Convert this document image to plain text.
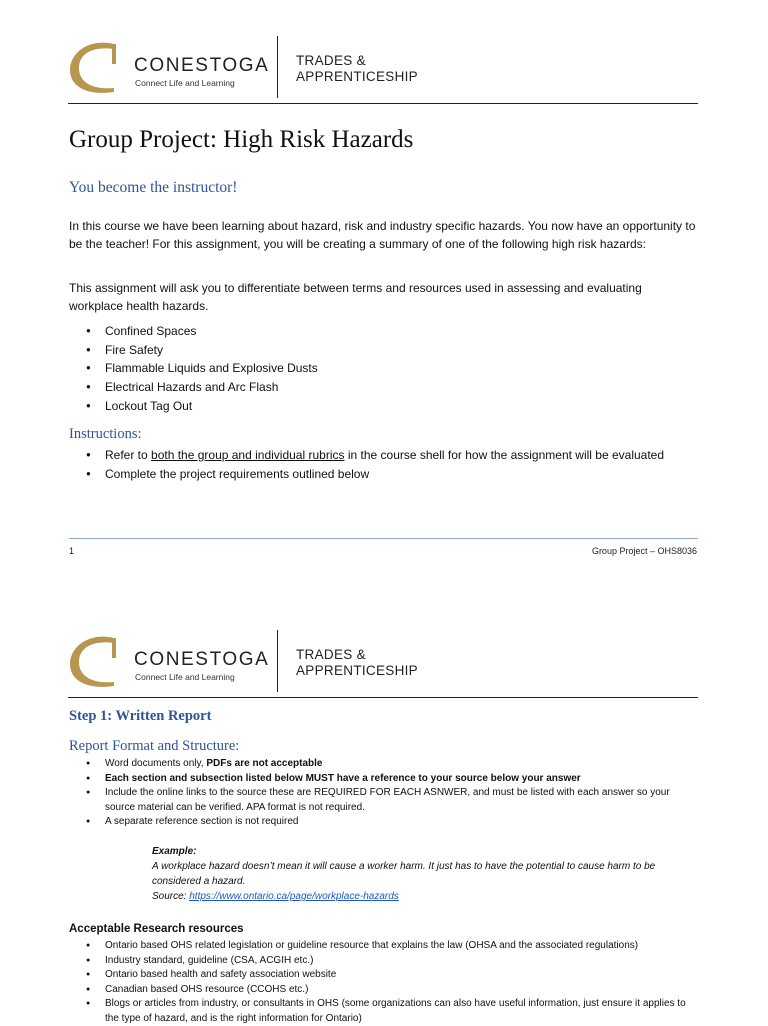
CONESTOGA
Connect Life and Learning
TRADES &
APPRENTICESHIP
Group Project: High Risk Hazards
You become the instructor!

In this course we have been learning about hazard, risk and industry specific hazards. You now have an opportunity to be the teacher! For this assignment, you will be creating a summary of one of the following high risk hazards:

This assignment will ask you to differentiate between terms and resources used in assessing and evaluating workplace health hazards.

● Confined Spaces
● Fire Safety
● Flammable Liquids and Explosive Dusts
● Electrical Hazards and Arc Flash
● Lockout Tag Out
Instructions:
● Refer to both the group and individual rubrics in the course shell for how the assignment will be evaluated
● Complete the project requirements outlined below
1	Group Project – OHS8036
CONESTOGA
Connect Life and Learning
TRADES &
APPRENTICESHIP
Step 1: Written Report
Report Format and Structure:
● Word documents only, PDFs are not acceptable
● Each section and subsection listed below MUST have a reference to your source below your answer
● Include the online links to the source these are REQUIRED FOR EACH ASNWER, and must be listed with each answer so your source material can be verified. APA format is not required.
● A separate reference section is not required
Example:
A workplace hazard doesn’t mean it will cause a worker harm. It just has to have the potential to cause harm to be considered a hazard.
Source: https://www.ontario.ca/page/workplace-hazards
Acceptable Research resources
● Ontario based OHS related legislation or guideline resource that explains the law (OHSA and the associated regulations)
● Industry standard, guideline (CSA, ACGIH etc.)
● Ontario based health and safety association website
● Canadian based OHS resource (CCOHS etc.)
● Blogs or articles from industry, or consultants in OHS (some organizations can also have useful information, just ensure it applies to the type of hazard, and is the right information for Ontario)
